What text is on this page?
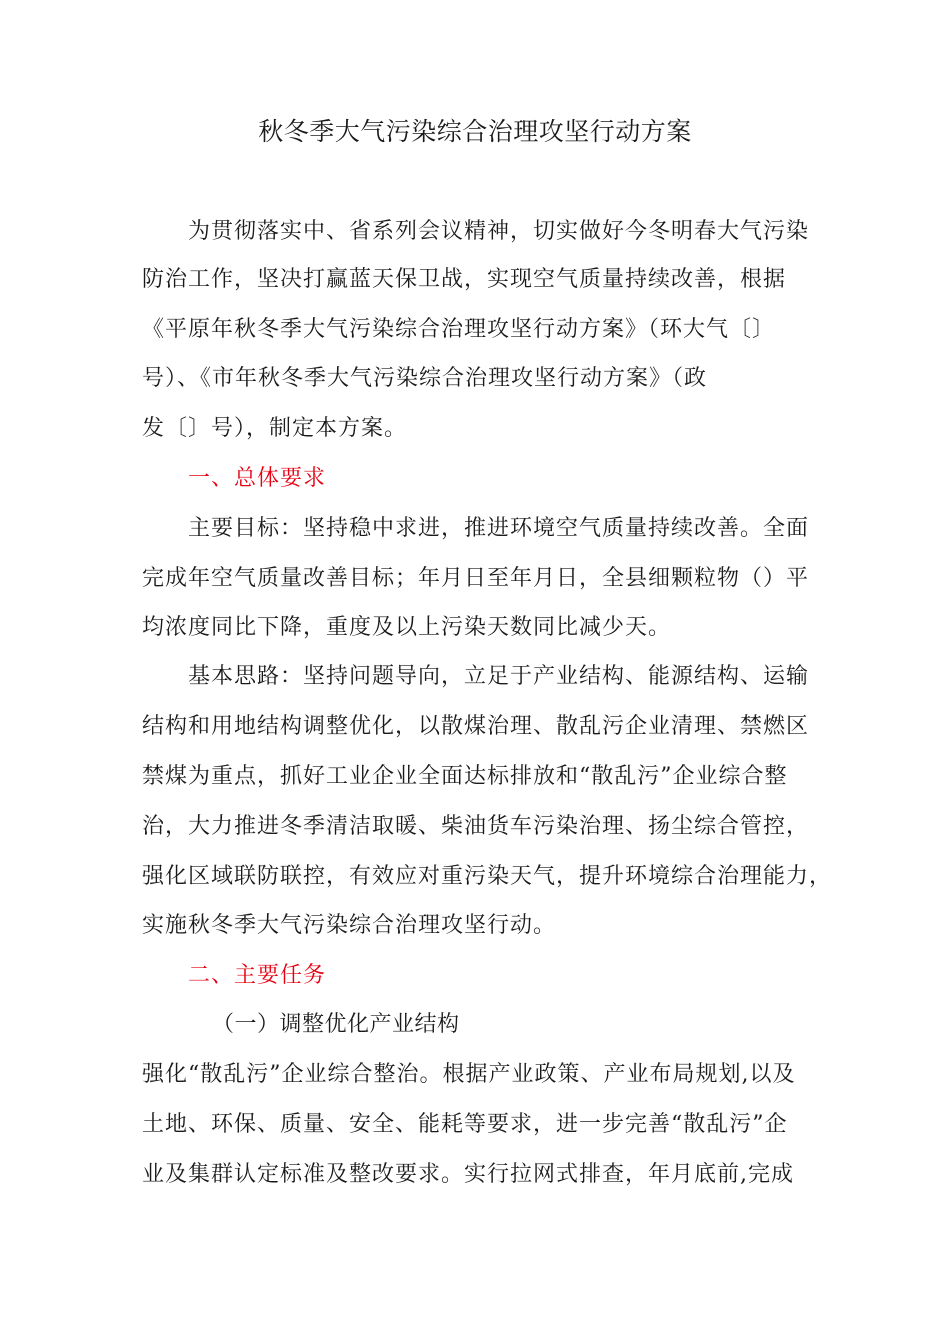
秋冬季大气污染综合治理攻坚行动方案
为贯彻落实中、省系列会议精神，切实做好今冬明春大气污染
防治工作，坚决打赢蓝天保卫战，实现空气质量持续改善，根据
《平原年秋冬季大气污染综合治理攻坚行动方案》（环大气〔〕
号）、《市年秋冬季大气污染综合治理攻坚行动方案》（政
发〔〕号），制定本方案。
一、总体要求
主要目标：坚持稳中求进，推进环境空气质量持续改善。全面
完成年空气质量改善目标；年月日至年月日，全县细颗粒物（）平
均浓度同比下降，重度及以上污染天数同比减少天。
基本思路：坚持问题导向，立足于产业结构、能源结构、运输
结构和用地结构调整优化，以散煤治理、散乱污企业清理、禁燃区
禁煤为重点，抓好工业企业全面达标排放和“散乱污”企业综合整
治，大力推进冬季清洁取暖、柴油货车污染治理、扬尘综合管控，
强化区域联防联控，有效应对重污染天气，提升环境综合治理能力，
实施秋冬季大气污染综合治理攻坚行动。
二、主要任务
（一）调整优化产业结构
强化“散乱污”企业综合整治。根据产业政策、产业布局规划,以及
土地、环保、质量、安全、能耗等要求，进一步完善“散乱污”企
业及集群认定标准及整改要求。实行拉网式排查，年月底前,完成
